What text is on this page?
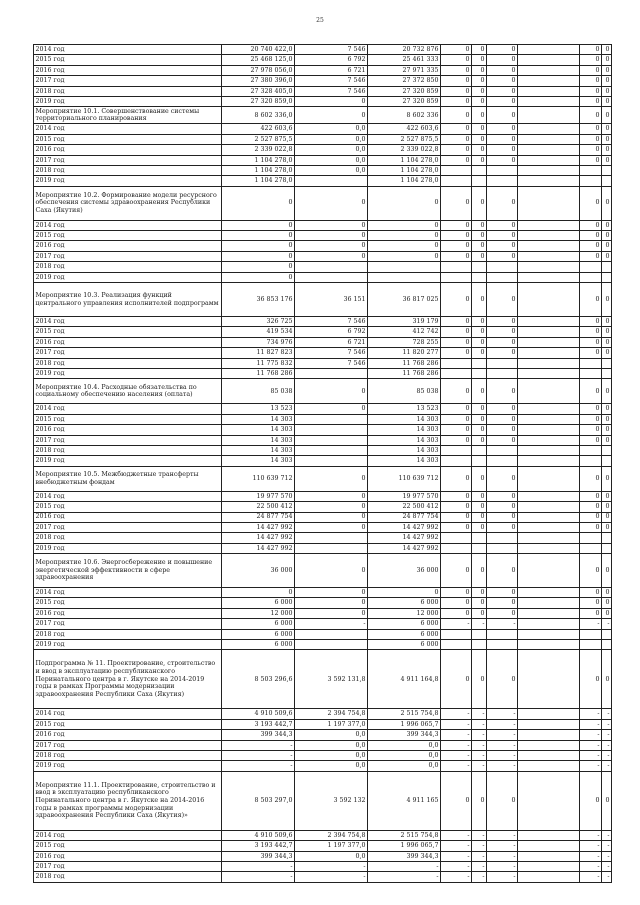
25
2014 год	20 740 422,0	7 546	20 732 876	0	0	0		0	0
2015 год	25 468 125,0	6 792	25 461 333	0	0	0		0	0
2016 год	27 978 056,0	6 721	27 971 335	0	0	0		0	0
2017 год	27 380 396,0	7 546	27 372 850	0	0	0		0	0
2018 год	27 328 405,0	7 546	27 320 859	0	0	0		0	0
2019 год	27 320 859,0	0	27 320 859	0	0	0		0	0
Мероприятие 10.1. Совершенствование системы территориального планирования	8 602 336,0	0	8 602 336	0	0	0		0	0
2014 год	422 603,6	0,0	422 603,6	0	0	0		0	0
2015 год	2 527 875,5	0,0	2 527 875,5	0	0	0		0	0
2016 год	2 339 022,8	0,0	2 339 022,8	0	0	0		0	0
2017 год	1 104 278,0	0,0	1 104 278,0	0	0	0		0	0
2018 год	1 104 278,0	0,0	1 104 278,0						
2019 год	1 104 278,0		1 104 278,0						
Мероприятие 10.2. Формирование модели ресурсного обеспечения системы здравоохранения Республики Саха (Якутия)	0	0	0	0	0	0		0	0
2014 год	0	0	0	0	0	0		0	0
2015 год	0	0	0	0	0	0		0	0
2016 год	0	0	0	0	0	0		0	0
2017 год	0	0	0	0	0	0		0	0
2018 год	0								
2019 год	0								
Мероприятие 10.3. Реализация функций центрального управления исполнителей подпрограмм	36 853 176	36 151	36 817 025	0	0	0		0	0
2014 год	326 725	7 546	319 179	0	0	0		0	0
2015 год	419 534	6 792	412 742	0	0	0		0	0
2016 год	734 976	6 721	728 255	0	0	0		0	0
2017 год	11 827 823	7 546	11 820 277	0	0	0		0	0
2018 год	11 775 832	7 546	11 768 286						
2019 год	11 768 286		11 768 286						
Мероприятие 10.4. Расходные обязательства по социальному обеспечению населения (оплата)	85 038	0	85 038	0	0	0		0	0
2014 год	13 523	0	13 523	0	0	0		0	0
2015 год	14 303		14 303	0	0	0		0	0
2016 год	14 303		14 303	0	0	0		0	0
2017 год	14 303		14 303	0	0	0		0	0
2018 год	14 303		14 303						
2019 год	14 303		14 303						
Мероприятие 10.5. Межбюджетные трансферты внебюджетным фондам	110 639 712	0	110 639 712	0	0	0		0	0
2014 год	19 977 570	0	19 977 570	0	0	0		0	0
2015 год	22 500 412	0	22 500 412	0	0	0		0	0
2016 год	24 877 754	0	24 877 754	0	0	0		0	0
2017 год	14 427 992	0	14 427 992	0	0	0		0	0
2018 год	14 427 992		14 427 992						
2019 год	14 427 992		14 427 992						
Мероприятие 10.6. Энергосбережение и повышение энергетической эффективности в сфере здравоохранения	36 000	0	36 000	0	0	0		0	0
2014 год	0	0	0	0	0	0		0	0
2015 год	6 000	0	6 000	0	0	0		0	0
2016 год	12 000	0	12 000	0	0	0		0	0
2017 год	6 000	-	6 000	-	-	-		-	-
2018 год	6 000		6 000						
2019 год	6 000		6 000						
Подпрограмма № 11. Проектирование, строительство и ввод в эксплуатацию республиканского Перинатального центра в г. Якутске на 2014-2019 годы в рамках Программы модернизации здравоохранения Республики Саха (Якутия)	8 503 296,6	3 592 131,8	4 911 164,8	0	0	0		0	0
2014 год	4 910 509,6	2 394 754,8	2 515 754,8	-	-	-		-	-
2015 год	3 193 442,7	1 197 377,0	1 996 065,7	-	-	-		-	-
2016 год	399 344,3	0,0	399 344,3	-	-	-		-	-
2017 год	-	0,0	0,0	-	-	-		-	-
2018 год	-	0,0	0,0	-	-	-		-	-
2019 год	-	0,0	0,0	-	-	-		-	-
Мероприятие 11.1. Проектирование, строительство и ввод в эксплуатацию республиканского Перинатального центра в г. Якутске на 2014-2016 годы в рамках программы модернизации здравоохранения Республики Саха (Якутия)»	8 503 297,0	3 592 132	4 911 165	0	0	0		0	0
2014 год	4 910 509,6	2 394 754,8	2 515 754,8	-	-	-		-	-
2015 год	3 193 442,7	1 197 377,0	1 996 065,7	-	-	-		-	-
2016 год	399 344,3	0,0	399 344,3	-	-	-		-	-
2017 год	-	-	-	-	-	-		-	-
2018 год	-	-	-	-	-	-		-	-
